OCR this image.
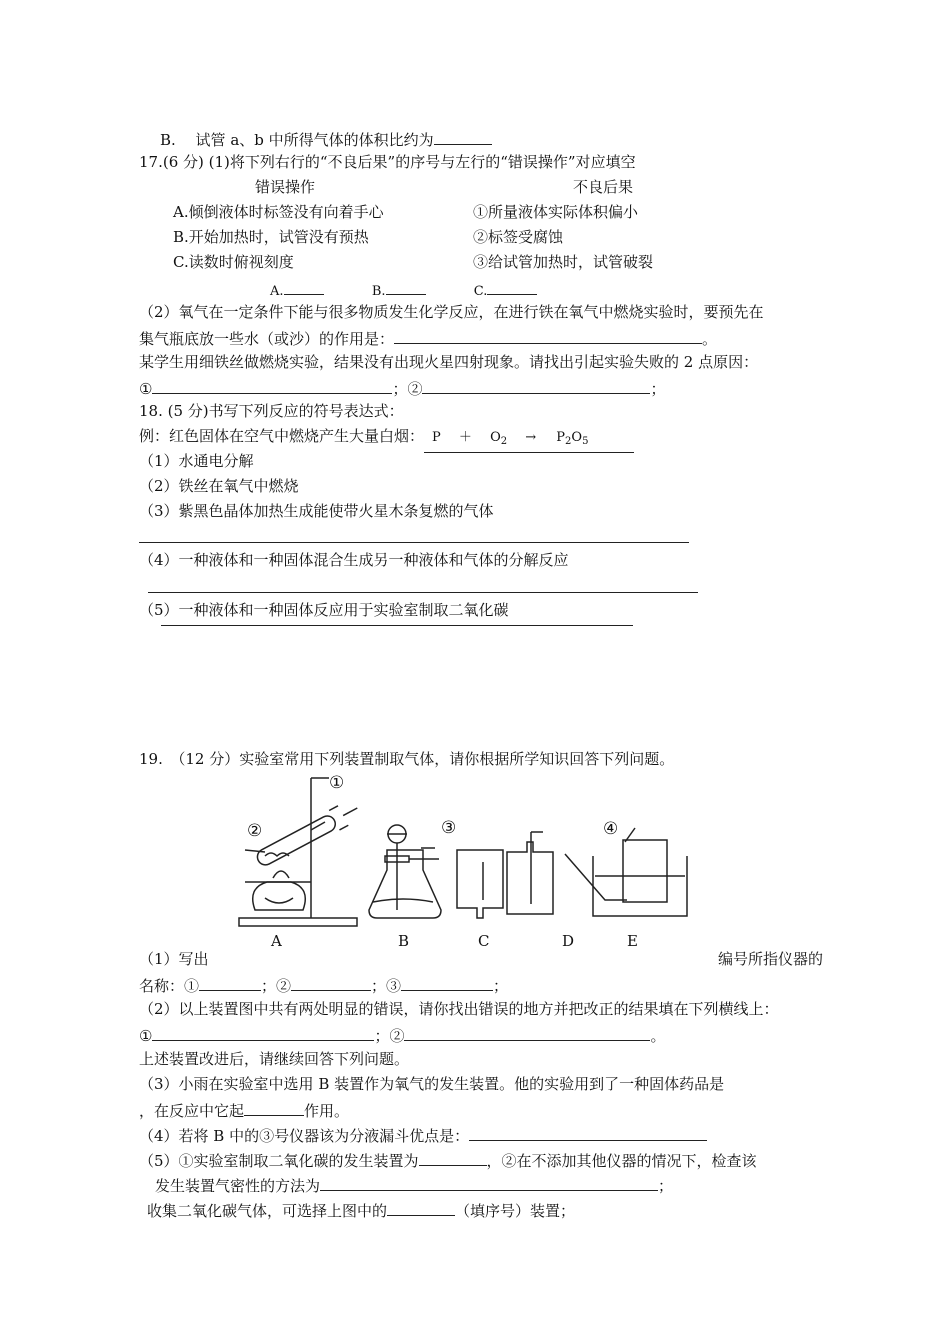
B.　 试管 a、b 中所得气体的体积比约为
17.(6 分) (1)将下列右行的“不良后果”的序号与左行的“错误操作”对应填空
错误操作	不良后果
A.倾倒液体时标签没有向着手心	①所量液体实际体积偏小
B.开始加热时，试管没有预热	②标签受腐蚀
C.读数时俯视刻度	③给试管加热时，试管破裂
A.	B.	C.
（2）氧气在一定条件下能与很多物质发生化学反应，在进行铁在氧气中燃烧实验时，要预先在
集气瓶底放一些水（或沙）的作用是：	。
某学生用细铁丝做燃烧实验，结果没有出现火星四射现象。请找出引起实验失败的 2 点原因：
①	；②	；
18. (5 分)书写下列反应的符号表达式：
例：红色固体在空气中燃烧产生大量白烟： $P + O_2 \to P_2O_5$
（1）水通电分解
（2）铁丝在氧气中燃烧
（3）紫黑色晶体加热生成能使带火星木条复燃的气体
（4）一种液体和一种固体混合生成另一种液体和气体的分解反应
（5）一种液体和一种固体反应用于实验室制取二氧化碳
19.　（12 分）实验室常用下列装置制取气体，请你根据所学知识回答下列问题。
①
②	③	④
A	B	C	D	E
（1）写出	编号所指仪器的
名称：①	；②	；③	；
（2）以上装置图中共有两处明显的错误，请你找出错误的地方并把改正的结果填在下列横线上：
①	；②	。
上述装置改进后，请继续回答下列问题。
（3）小雨在实验室中选用 B 装置作为氧气的发生装置。他的实验用到了一种固体药品是
，在反应中它起	作用。
（4）若将 B 中的③号仪器该为分液漏斗优点是：
（5）①实验室制取二氧化碳的发生装置为	，②在不添加其他仪器的情况下，检查该
发生装置气密性的方法为	；
收集二氧化碳气体，可选择上图中的	（填序号）装置；
